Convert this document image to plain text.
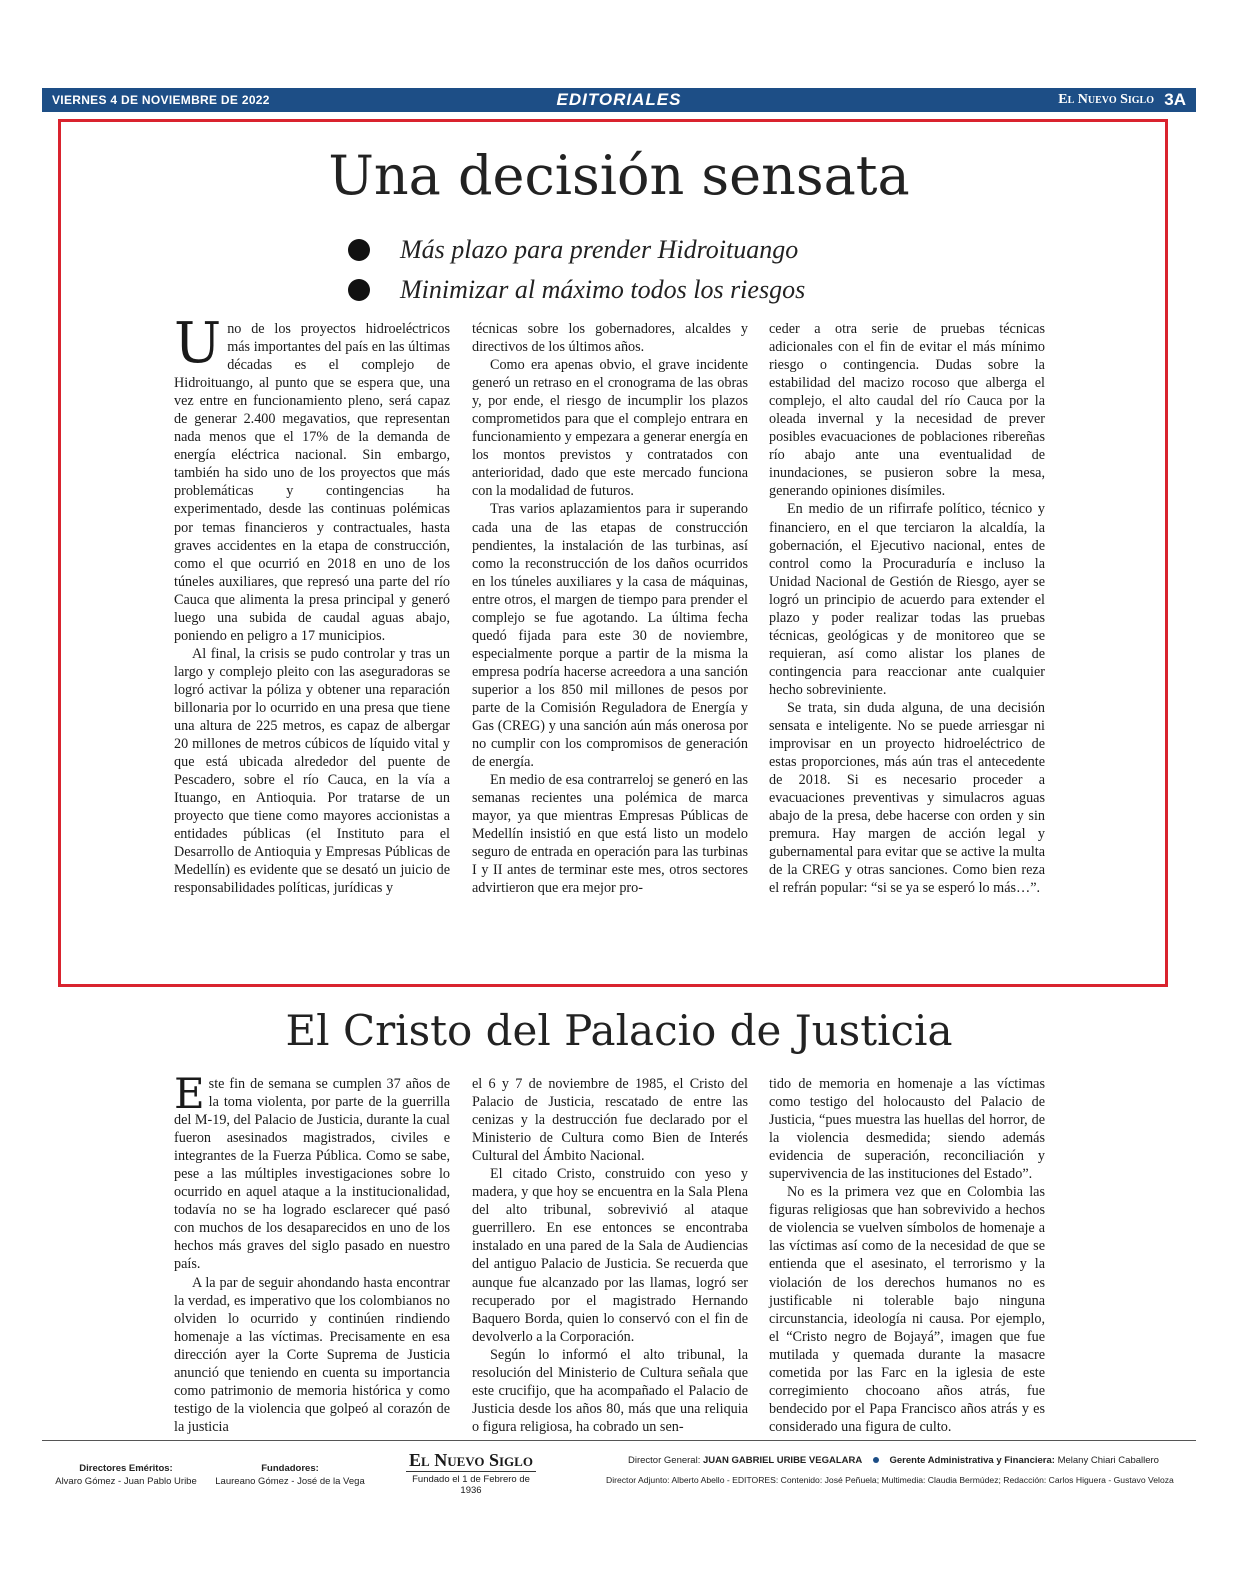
VIERNES 4 DE NOVIEMBRE DE 2022	EDITORIALES	El Nuevo Siglo 3A
Una decisión sensata
Más plazo para prender Hidroituango
Minimizar al máximo todos los riesgos

Uno de los proyectos hidroeléctricos más importantes del país en las últimas décadas es el complejo de Hidroituango, al punto que se espera que, una vez entre en funcionamiento pleno, será capaz de generar 2.400 megavatios, que representan nada menos que el 17% de la demanda de energía eléctrica nacional. Sin embargo, también ha sido uno de los proyectos que más problemáticas y contingencias ha experimentado, desde las continuas polémicas por temas financieros y contractuales, hasta graves accidentes en la etapa de construcción, como el que ocurrió en 2018 en uno de los túneles auxiliares, que represó una parte del río Cauca que alimenta la presa principal y generó luego una subida de caudal aguas abajo, poniendo en peligro a 17 municipios.

Al final, la crisis se pudo controlar y tras un largo y complejo pleito con las aseguradoras se logró activar la póliza y obtener una reparación billonaria por lo ocurrido en una presa que tiene una altura de 225 metros, es capaz de albergar 20 millones de metros cúbicos de líquido vital y que está ubicada alrededor del puente de Pescadero, sobre el río Cauca, en la vía a Ituango, en Antioquia. Por tratarse de un proyecto que tiene como mayores accionistas a entidades públicas (el Instituto para el Desarrollo de Antioquia y Empresas Públicas de Medellín) es evidente que se desató un juicio de responsabilidades políticas, jurídicas y

técnicas sobre los gobernadores, alcaldes y directivos de los últimos años.

Como era apenas obvio, el grave incidente generó un retraso en el cronograma de las obras y, por ende, el riesgo de incumplir los plazos comprometidos para que el complejo entrara en funcionamiento y empezara a generar energía en los montos previstos y contratados con anterioridad, dado que este mercado funciona con la modalidad de futuros.

Tras varios aplazamientos para ir superando cada una de las etapas de construcción pendientes, la instalación de las turbinas, así como la reconstrucción de los daños ocurridos en los túneles auxiliares y la casa de máquinas, entre otros, el margen de tiempo para prender el complejo se fue agotando. La última fecha quedó fijada para este 30 de noviembre, especialmente porque a partir de la misma la empresa podría hacerse acreedora a una sanción superior a los 850 mil millones de pesos por parte de la Comisión Reguladora de Energía y Gas (CREG) y una sanción aún más onerosa por no cumplir con los compromisos de generación de energía.

En medio de esa contrarreloj se generó en las semanas recientes una polémica de marca mayor, ya que mientras Empresas Públicas de Medellín insistió en que está listo un modelo seguro de entrada en operación para las turbinas I y II antes de terminar este mes, otros sectores advirtieron que era mejor pro-

ceder a otra serie de pruebas técnicas adicionales con el fin de evitar el más mínimo riesgo o contingencia. Dudas sobre la estabilidad del macizo rocoso que alberga el complejo, el alto caudal del río Cauca por la oleada invernal y la necesidad de prever posibles evacuaciones de poblaciones ribereñas río abajo ante una eventualidad de inundaciones, se pusieron sobre la mesa, generando opiniones disímiles.

En medio de un rifirrafe político, técnico y financiero, en el que terciaron la alcaldía, la gobernación, el Ejecutivo nacional, entes de control como la Procuraduría e incluso la Unidad Nacional de Gestión de Riesgo, ayer se logró un principio de acuerdo para extender el plazo y poder realizar todas las pruebas técnicas, geológicas y de monitoreo que se requieran, así como alistar los planes de contingencia para reaccionar ante cualquier hecho sobreviniente.

Se trata, sin duda alguna, de una decisión sensata e inteligente. No se puede arriesgar ni improvisar en un proyecto hidroeléctrico de estas proporciones, más aún tras el antecedente de 2018. Si es necesario proceder a evacuaciones preventivas y simulacros aguas abajo de la presa, debe hacerse con orden y sin premura. Hay margen de acción legal y gubernamental para evitar que se active la multa de la CREG y otras sanciones. Como bien reza el refrán popular: “si se ya se esperó lo más…”.

El Cristo del Palacio de Justicia

Este fin de semana se cumplen 37 años de la toma violenta, por parte de la guerrilla del M-19, del Palacio de Justicia, durante la cual fueron asesinados magistrados, civiles e integrantes de la Fuerza Pública. Como se sabe, pese a las múltiples investigaciones sobre lo ocurrido en aquel ataque a la institucionalidad, todavía no se ha logrado esclarecer qué pasó con muchos de los desaparecidos en uno de los hechos más graves del siglo pasado en nuestro país.

A la par de seguir ahondando hasta encontrar la verdad, es imperativo que los colombianos no olviden lo ocurrido y continúen rindiendo homenaje a las víctimas. Precisamente en esa dirección ayer la Corte Suprema de Justicia anunció que teniendo en cuenta su importancia como patrimonio de memoria histórica y como testigo de la violencia que golpeó al corazón de la justicia

el 6 y 7 de noviembre de 1985, el Cristo del Palacio de Justicia, rescatado de entre las cenizas y la destrucción fue declarado por el Ministerio de Cultura como Bien de Interés Cultural del Ámbito Nacional.

El citado Cristo, construido con yeso y madera, y que hoy se encuentra en la Sala Plena del alto tribunal, sobrevivió al ataque guerrillero. En ese entonces se encontraba instalado en una pared de la Sala de Audiencias del antiguo Palacio de Justicia. Se recuerda que aunque fue alcanzado por las llamas, logró ser recuperado por el magistrado Hernando Baquero Borda, quien lo conservó con el fin de devolverlo a la Corporación.

Según lo informó el alto tribunal, la resolución del Ministerio de Cultura señala que este crucifijo, que ha acompañado el Palacio de Justicia desde los años 80, más que una reliquia o figura religiosa, ha cobrado un sen-

tido de memoria en homenaje a las víctimas como testigo del holocausto del Palacio de Justicia, “pues muestra las huellas del horror, de la violencia desmedida; siendo además evidencia de superación, reconciliación y supervivencia de las instituciones del Estado”.

No es la primera vez que en Colombia las figuras religiosas que han sobrevivido a hechos de violencia se vuelven símbolos de homenaje a las víctimas así como de la necesidad de que se entienda que el asesinato, el terrorismo y la violación de los derechos humanos no es justificable ni tolerable bajo ninguna circunstancia, ideología ni causa. Por ejemplo, el “Cristo negro de Bojayá”, imagen que fue mutilada y quemada durante la masacre cometida por las Farc en la iglesia de este corregimiento chocoano años atrás, fue bendecido por el Papa Francisco años atrás y es considerado una figura de culto.

Directores Eméritos:
Alvaro Gómez - Juan Pablo Uribe
Fundadores:
Laureano Gómez - José de la Vega
El Nuevo Siglo
Fundado el 1 de Febrero de 1936
Director General: JUAN GABRIEL URIBE VEGALARA	Gerente Administrativa y Financiera: Melany Chiari Caballero
Director Adjunto: Alberto Abello - EDITORES: Contenido: José Peñuela; Multimedia: Claudia Bermúdez; Redacción: Carlos Higuera - Gustavo Veloza
